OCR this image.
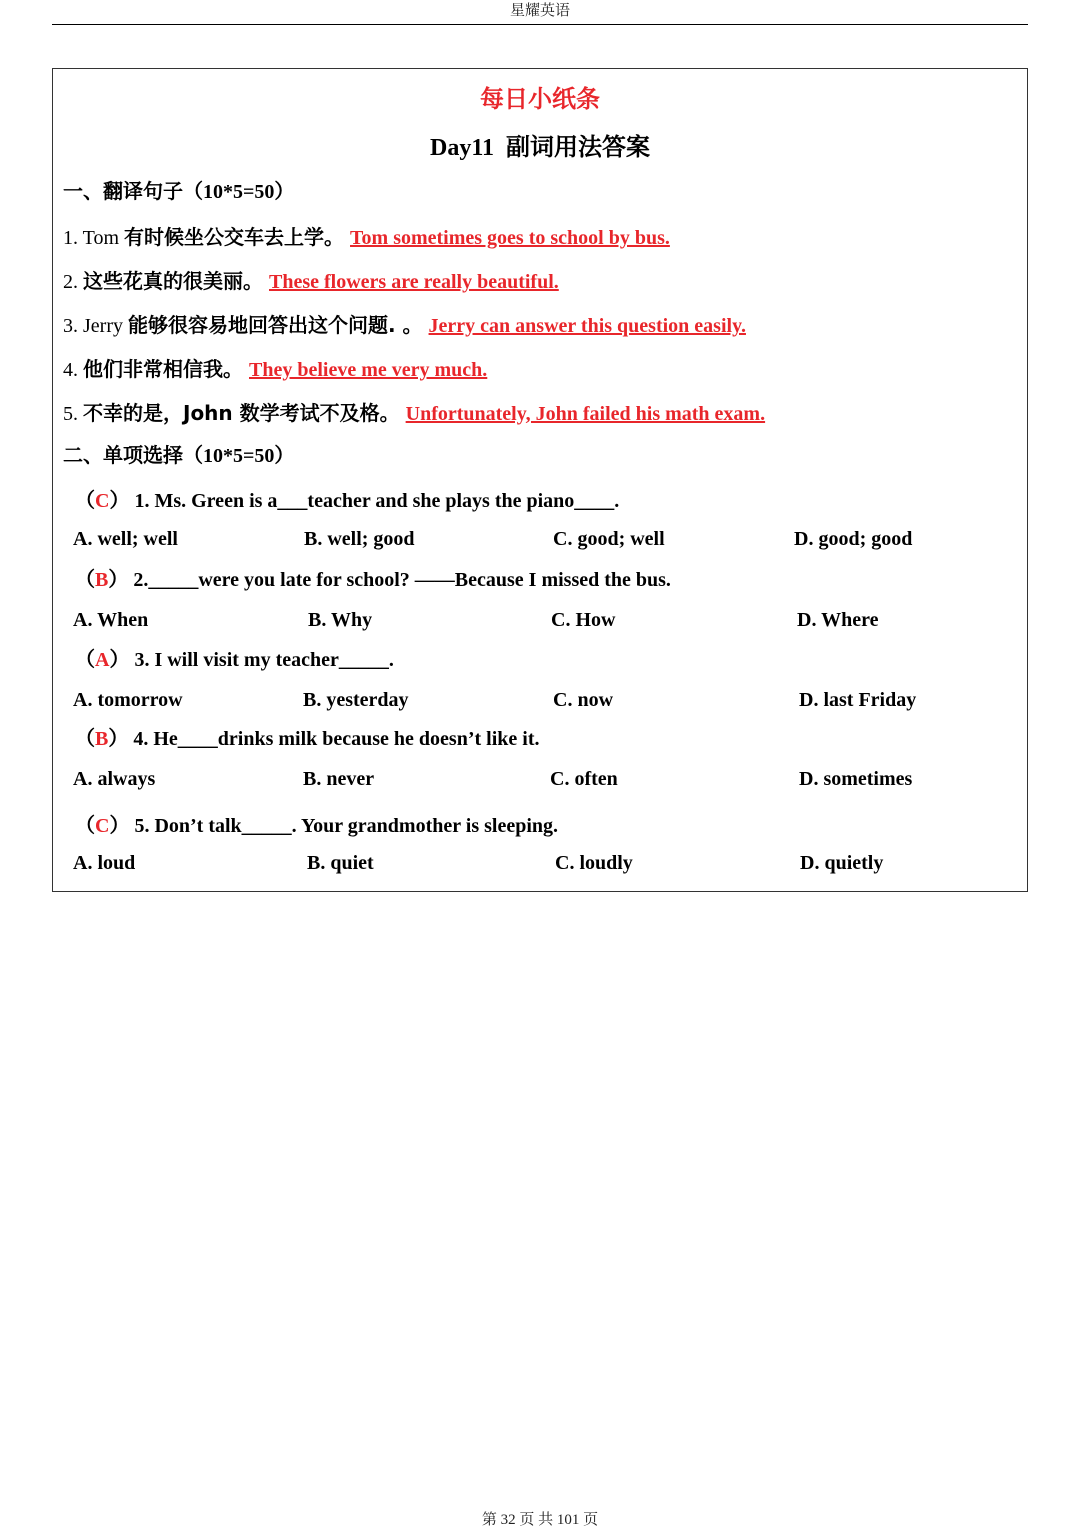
星耀英语
每日小纸条
Day11 副词用法答案
一、翻译句子（10*5=50）
1. Tom 有时候坐公交车去上学。 Tom sometimes goes to school by bus.
2. 这些花真的很美丽。 These flowers are really beautiful.
3. Jerry 能够很容易地回答出这个问题. 。 Jerry can answer this question easily.
4. 他们非常相信我。 They believe me very much.
5. 不幸的是，John 数学考试不及格。 Unfortunately, John failed his math exam.
二、单项选择（10*5=50）
（C） 1. Ms. Green is a___teacher and she plays the piano____.
A. well; well	B. well; good	C. good; well	D. good; good
（B） 2._____were you late for school? ——Because I missed the bus.
A. When	B. Why	C. How	D. Where
（A） 3. I will visit my teacher_____.
A. tomorrow	B. yesterday	C. now	D. last Friday
（B） 4. He____drinks milk because he doesn’t like it.
A. always	B. never	C. often	D. sometimes
（C） 5. Don’t talk_____. Your grandmother is sleeping.
A. loud	B. quiet	C. loudly	D. quietly
第 32 页 共 101 页
